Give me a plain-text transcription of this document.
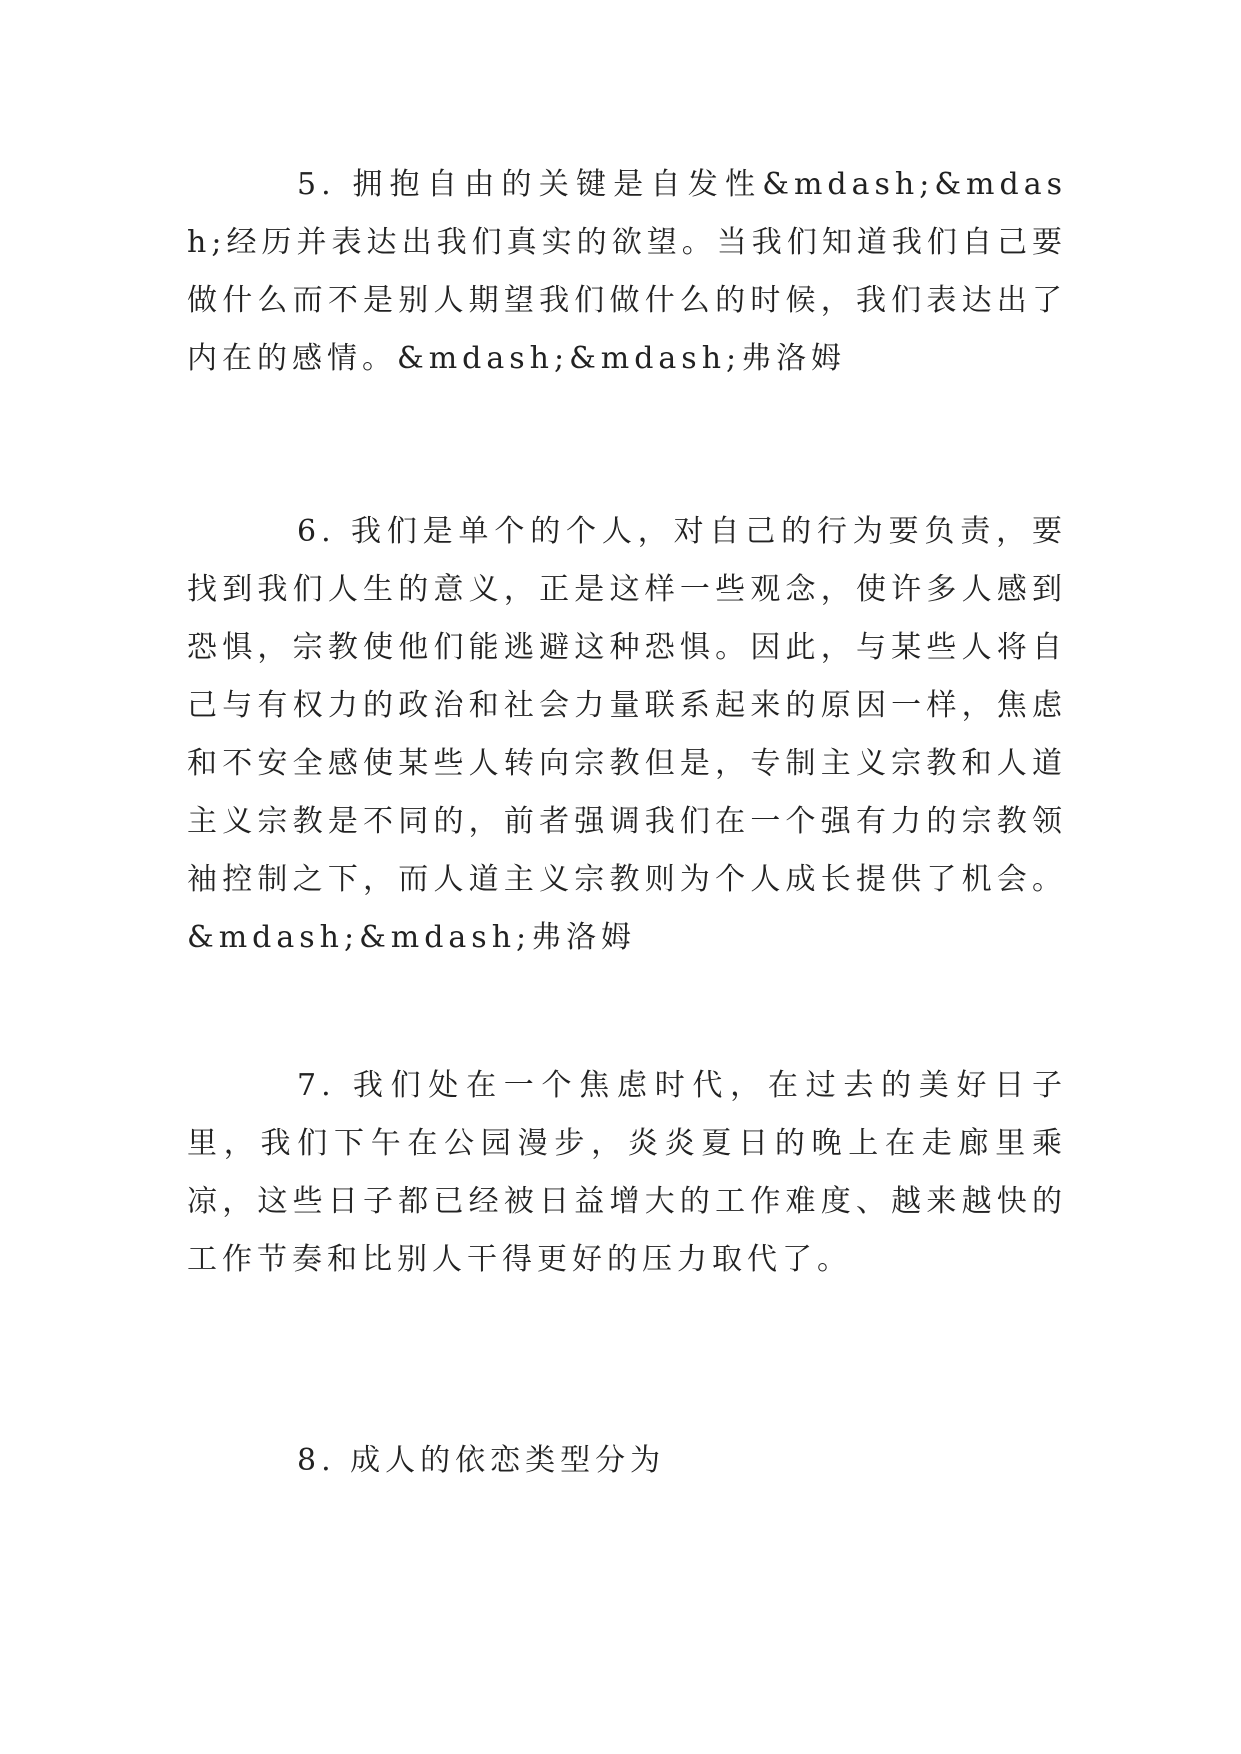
5. 拥抱自由的关键是自发性&mdash;&mdash;经历并表达出我们真实的欲望。当我们知道我们自己要做什么而不是别人期望我们做什么的时候，我们表达出了内在的感情。&mdash;&mdash;弗洛姆

6. 我们是单个的个人，对自己的行为要负责，要找到我们人生的意义，正是这样一些观念，使许多人感到恐惧，宗教使他们能逃避这种恐惧。因此，与某些人将自己与有权力的政治和社会力量联系起来的原因一样，焦虑和不安全感使某些人转向宗教但是，专制主义宗教和人道主义宗教是不同的，前者强调我们在一个强有力的宗教领袖控制之下，而人道主义宗教则为个人成长提供了机会。&mdash;&mdash;弗洛姆

7. 我们处在一个焦虑时代，在过去的美好日子里，我们下午在公园漫步，炎炎夏日的晚上在走廊里乘凉，这些日子都已经被日益增大的工作难度、越来越快的工作节奏和比别人干得更好的压力取代了。

8. 成人的依恋类型分为
